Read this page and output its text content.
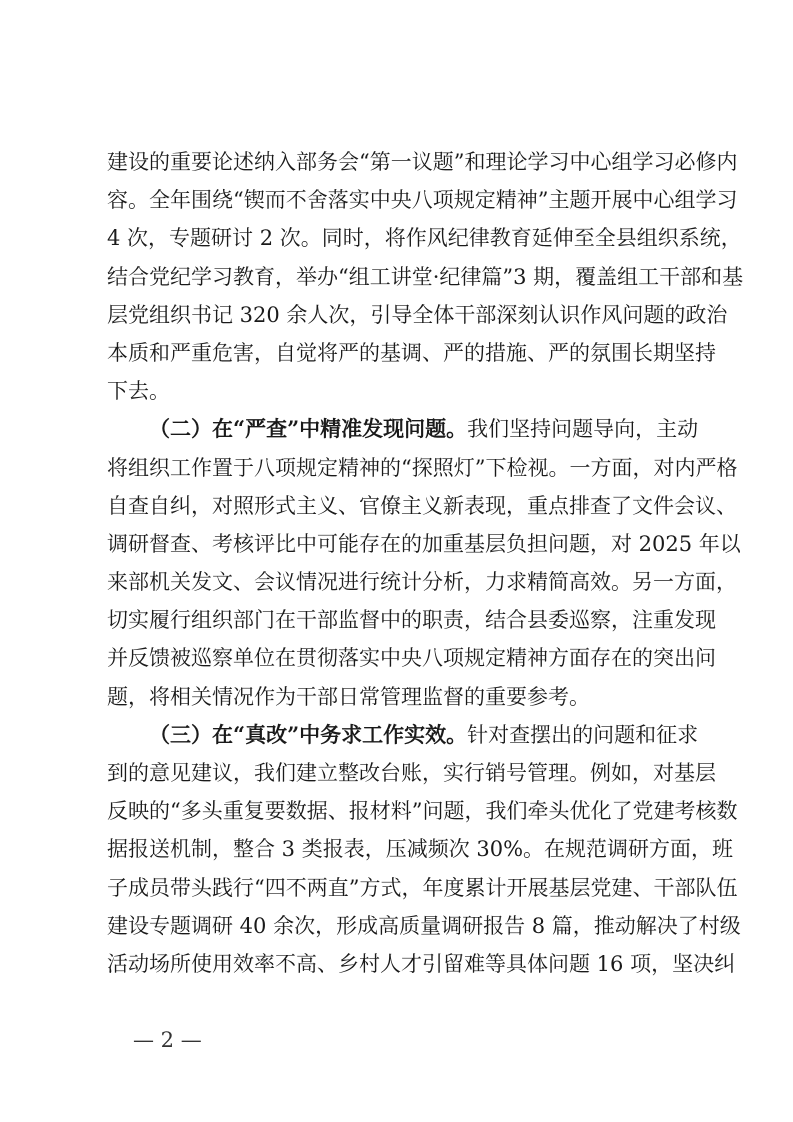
建设的重要论述纳入部务会“第一议题”和理论学习中心组学习必修内
容。全年围绕“锲而不舍落实中央八项规定精神”主题开展中心组学习
4 次，专题研讨 2 次。同时，将作风纪律教育延伸至全县组织系统，
结合党纪学习教育，举办“组工讲堂·纪律篇”3 期，覆盖组工干部和基
层党组织书记 320 余人次，引导全体干部深刻认识作风问题的政治
本质和严重危害，自觉将严的基调、严的措施、严的氛围长期坚持
下去。
（二）在“严查”中精准发现问题。我们坚持问题导向，主动
将组织工作置于八项规定精神的“探照灯”下检视。一方面，对内严格
自查自纠，对照形式主义、官僚主义新表现，重点排查了文件会议、
调研督查、考核评比中可能存在的加重基层负担问题，对 2025 年以
来部机关发文、会议情况进行统计分析，力求精简高效。另一方面，
切实履行组织部门在干部监督中的职责，结合县委巡察，注重发现
并反馈被巡察单位在贯彻落实中央八项规定精神方面存在的突出问
题，将相关情况作为干部日常管理监督的重要参考。
（三）在“真改”中务求工作实效。针对查摆出的问题和征求
到的意见建议，我们建立整改台账，实行销号管理。例如，对基层
反映的“多头重复要数据、报材料”问题，我们牵头优化了党建考核数
据报送机制，整合 3 类报表，压减频次 30%。在规范调研方面，班
子成员带头践行“四不两直”方式，年度累计开展基层党建、干部队伍
建设专题调研 40 余次，形成高质量调研报告 8 篇，推动解决了村级
活动场所使用效率不高、乡村人才引留难等具体问题 16 项，坚决纠
— 2 —
